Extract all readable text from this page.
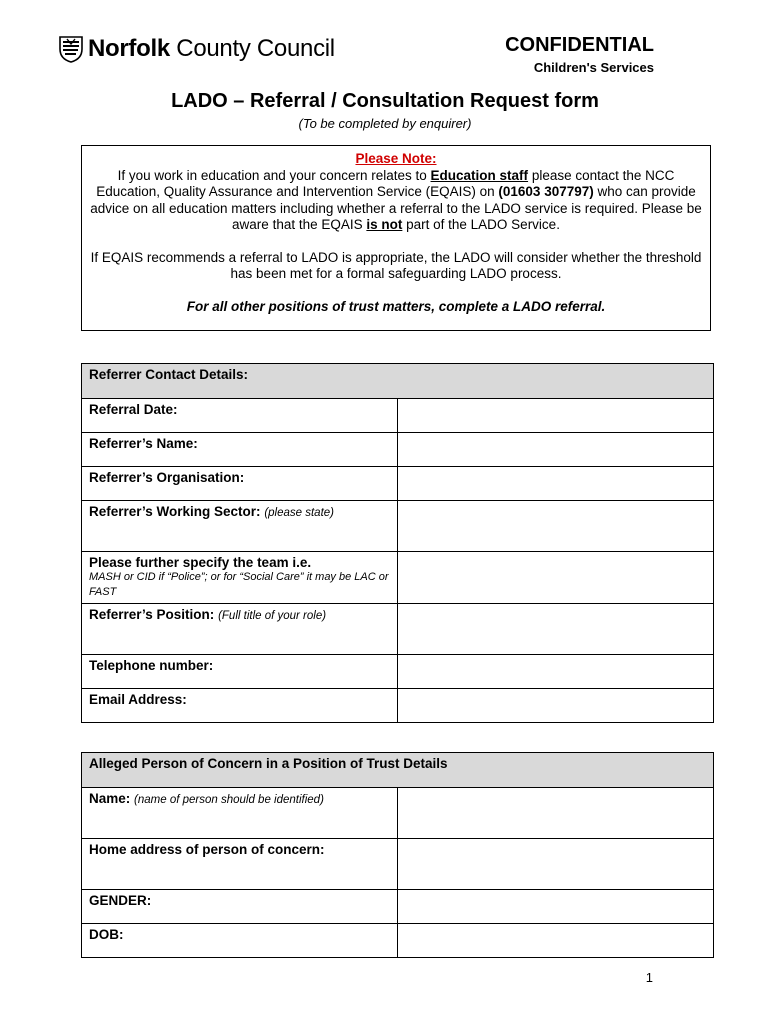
Norfolk County Council	CONFIDENTIAL
Children's Services
LADO – Referral / Consultation Request form
(To be completed by enquirer)
Please Note:

If you work in education and your concern relates to Education staff please contact the NCC Education, Quality Assurance and Intervention Service (EQAIS) on (01603 307797) who can provide advice on all education matters including whether a referral to the LADO service is required. Please be aware that the EQAIS is not part of the LADO Service.

If EQAIS recommends a referral to LADO is appropriate, the LADO will consider whether the threshold has been met for a formal safeguarding LADO process.

For all other positions of trust matters, complete a LADO referral.

Referrer Contact Details:	
Referral Date:	
Referrer’s Name:	
Referrer’s Organisation:	
Referrer’s Working Sector: (please state)	
Please further specify the team i.e.
MASH or CID if “Police”; or for “Social Care” it may be LAC or FAST	

Referrer’s Position: (Full title of your role)	
Telephone number:	
Email Address:	
Alleged Person of Concern in a Position of Trust Details	
Name: (name of person should be identified)	
Home address of person of concern:	
GENDER:	
DOB:	
1
